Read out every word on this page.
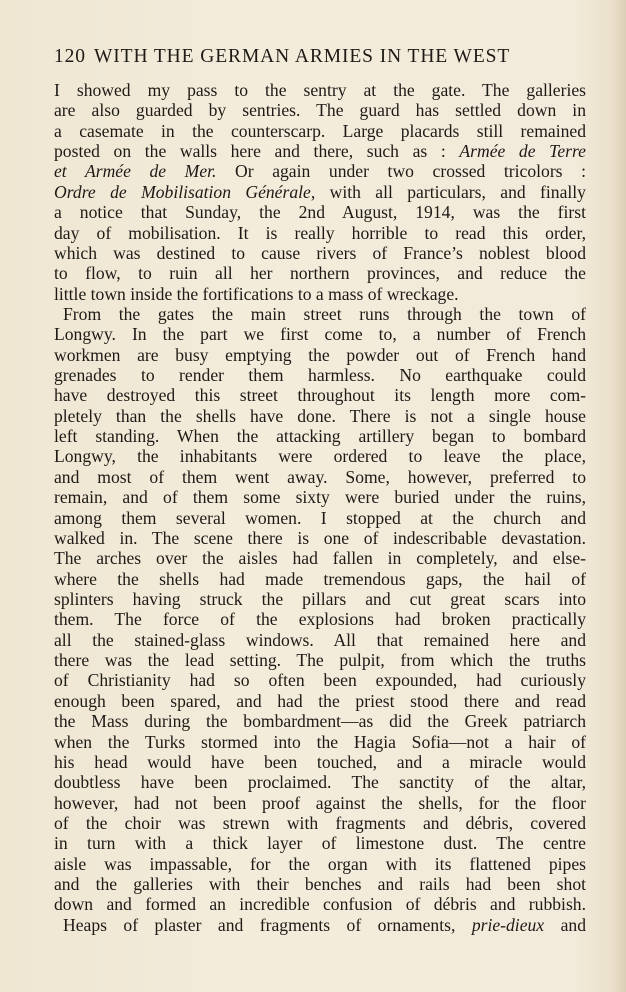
120 WITH THE GERMAN ARMIES IN THE WEST
I showed my pass to the sentry at the gate. The galleries
are also guarded by sentries. The guard has settled down in
a casemate in the counterscarp. Large placards still remained
posted on the walls here and there, such as : Armée de Terre
et Armée de Mer. Or again under two crossed tricolors :
Ordre de Mobilisation Générale, with all particulars, and finally
a notice that Sunday, the 2nd August, 1914, was the first
day of mobilisation. It is really horrible to read this order,
which was destined to cause rivers of France’s noblest blood
to flow, to ruin all her northern provinces, and reduce the
little town inside the fortifications to a mass of wreckage.
From the gates the main street runs through the town of
Longwy. In the part we first come to, a number of French
workmen are busy emptying the powder out of French hand
grenades to render them harmless. No earthquake could
have destroyed this street throughout its length more com-
pletely than the shells have done. There is not a single house
left standing. When the attacking artillery began to bombard
Longwy, the inhabitants were ordered to leave the place,
and most of them went away. Some, however, preferred to
remain, and of them some sixty were buried under the ruins,
among them several women. I stopped at the church and
walked in. The scene there is one of indescribable devastation.
The arches over the aisles had fallen in completely, and else-
where the shells had made tremendous gaps, the hail of
splinters having struck the pillars and cut great scars into
them. The force of the explosions had broken practically
all the stained-glass windows. All that remained here and
there was the lead setting. The pulpit, from which the truths
of Christianity had so often been expounded, had curiously
enough been spared, and had the priest stood there and read
the Mass during the bombardment—as did the Greek patriarch
when the Turks stormed into the Hagia Sofia—not a hair of
his head would have been touched, and a miracle would
doubtless have been proclaimed. The sanctity of the altar,
however, had not been proof against the shells, for the floor
of the choir was strewn with fragments and débris, covered
in turn with a thick layer of limestone dust. The centre
aisle was impassable, for the organ with its flattened pipes
and the galleries with their benches and rails had been shot
down and formed an incredible confusion of débris and rubbish.
Heaps of plaster and fragments of ornaments, prie-dieux and
